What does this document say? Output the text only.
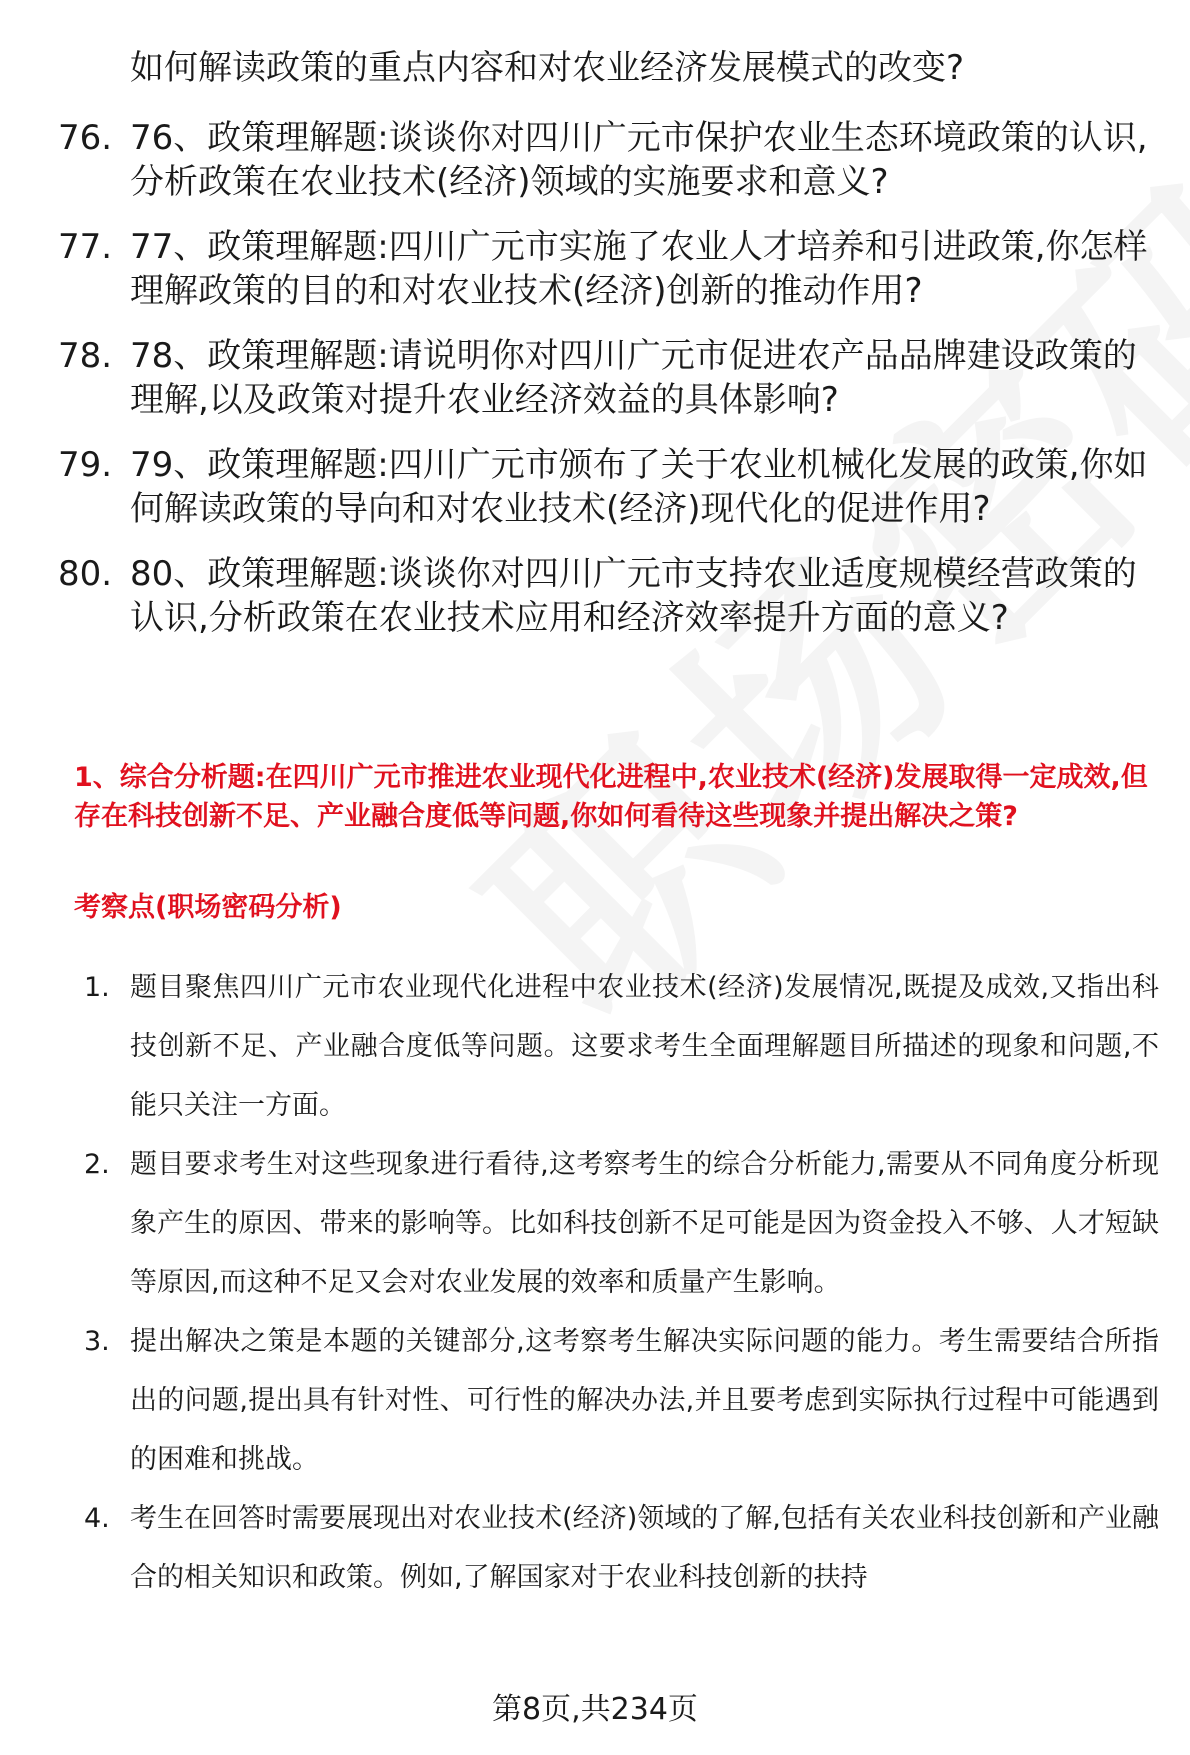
如何解读政策的重点内容和对农业经济发展模式的改变?

76. 76、政策理解题:谈谈你对四川广元市保护农业生态环境政策的认识,分析政策在农业技术(经济)领域的实施要求和意义?
77. 77、政策理解题:四川广元市实施了农业人才培养和引进政策,你怎样理解政策的目的和对农业技术(经济)创新的推动作用?
78. 78、政策理解题:请说明你对四川广元市促进农产品品牌建设政策的理解,以及政策对提升农业经济效益的具体影响?
79. 79、政策理解题:四川广元市颁布了关于农业机械化发展的政策,你如何解读政策的导向和对农业技术(经济)现代化的促进作用?
80. 80、政策理解题:谈谈你对四川广元市支持农业适度规模经营政策的认识,分析政策在农业技术应用和经济效率提升方面的意义?
1、综合分析题:在四川广元市推进农业现代化进程中,农业技术(经济)发展取得一定成效,但存在科技创新不足、产业融合度低等问题,你如何看待这些现象并提出解决之策?
考察点(职场密码分析)
1. 题目聚焦四川广元市农业现代化进程中农业技术(经济)发展情况,既提及成效,又指出科技创新不足、产业融合度低等问题。这要求考生全面理解题目所描述的现象和问题,不能只关注一方面。
2. 题目要求考生对这些现象进行看待,这考察考生的综合分析能力,需要从不同角度分析现象产生的原因、带来的影响等。比如科技创新不足可能是因为资金投入不够、人才短缺等原因,而这种不足又会对农业发展的效率和质量产生影响。
3. 提出解决之策是本题的关键部分,这考察考生解决实际问题的能力。考生需要结合所指出的问题,提出具有针对性、可行性的解决办法,并且要考虑到实际执行过程中可能遇到的困难和挑战。
4. 考生在回答时需要展现出对农业技术(经济)领域的了解,包括有关农业科技创新和产业融合的相关知识和政策。例如,了解国家对于农业科技创新的扶持

第8页,共234页
